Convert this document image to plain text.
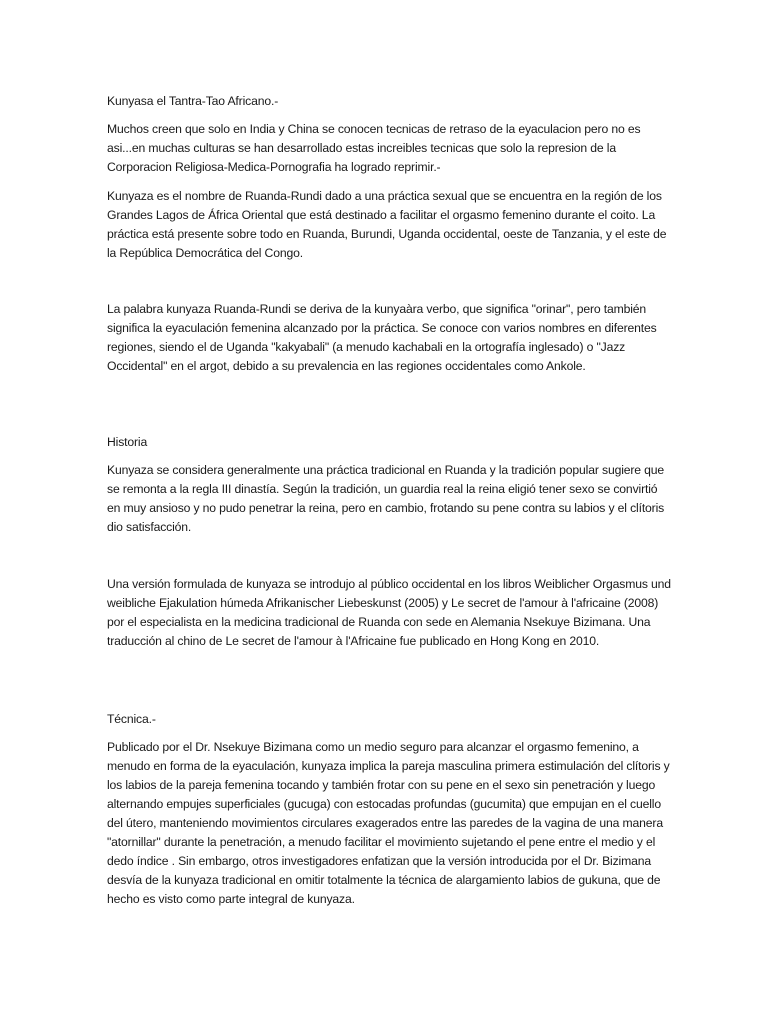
Kunyasa el Tantra-Tao Africano.-

Muchos creen que solo en India y China se conocen tecnicas de retraso de la eyaculacion pero no es asi...en muchas culturas se han desarrollado estas increibles tecnicas que solo la represion de la Corporacion Religiosa-Medica-Pornografia ha logrado reprimir.-

Kunyaza es el nombre de Ruanda-Rundi dado a una práctica sexual que se encuentra en la región de los Grandes Lagos de África Oriental que está destinado a facilitar el orgasmo femenino durante el coito. La práctica está presente sobre todo en Ruanda, Burundi, Uganda occidental, oeste de Tanzania, y el este de la República Democrática del Congo.

La palabra kunyaza Ruanda-Rundi se deriva de la kunyaàra verbo, que significa "orinar", pero también significa la eyaculación femenina alcanzado por la práctica. Se conoce con varios nombres en diferentes regiones, siendo el de Uganda "kakyabali" (a menudo kachabali en la ortografía inglesado) o "Jazz Occidental" en el argot, debido a su prevalencia en las regiones occidentales como Ankole.

Historia

Kunyaza se considera generalmente una práctica tradicional en Ruanda y la tradición popular sugiere que se remonta a la regla III dinastía. Según la tradición, un guardia real la reina eligió tener sexo se convirtió en muy ansioso y no pudo penetrar la reina, pero en cambio, frotando su pene contra su labios y el clítoris dio satisfacción.

Una versión formulada de kunyaza se introdujo al público occidental en los libros Weiblicher Orgasmus und weibliche Ejakulation húmeda Afrikanischer Liebeskunst (2005) y Le secret de l'amour à l'africaine (2008) por el especialista en la medicina tradicional de Ruanda con sede en Alemania Nsekuye Bizimana. Una traducción al chino de Le secret de l'amour à l'Africaine fue publicado en Hong Kong en 2010.

Técnica.-

Publicado por el Dr. Nsekuye Bizimana como un medio seguro para alcanzar el orgasmo femenino, a menudo en forma de la eyaculación, kunyaza implica la pareja masculina primera estimulación del clítoris y los labios de la pareja femenina tocando y también frotar con su pene en el sexo sin penetración y luego alternando empujes superficiales (gucuga) con estocadas profundas (gucumita) que empujan en el cuello del útero, manteniendo movimientos circulares exagerados entre las paredes de la vagina de una manera "atornillar" durante la penetración, a menudo facilitar el movimiento sujetando el pene entre el medio y el dedo índice . Sin embargo, otros investigadores enfatizan que la versión introducida por el Dr. Bizimana desvía de la kunyaza tradicional en omitir totalmente la técnica de alargamiento labios de gukuna, que de hecho es visto como parte integral de kunyaza.
